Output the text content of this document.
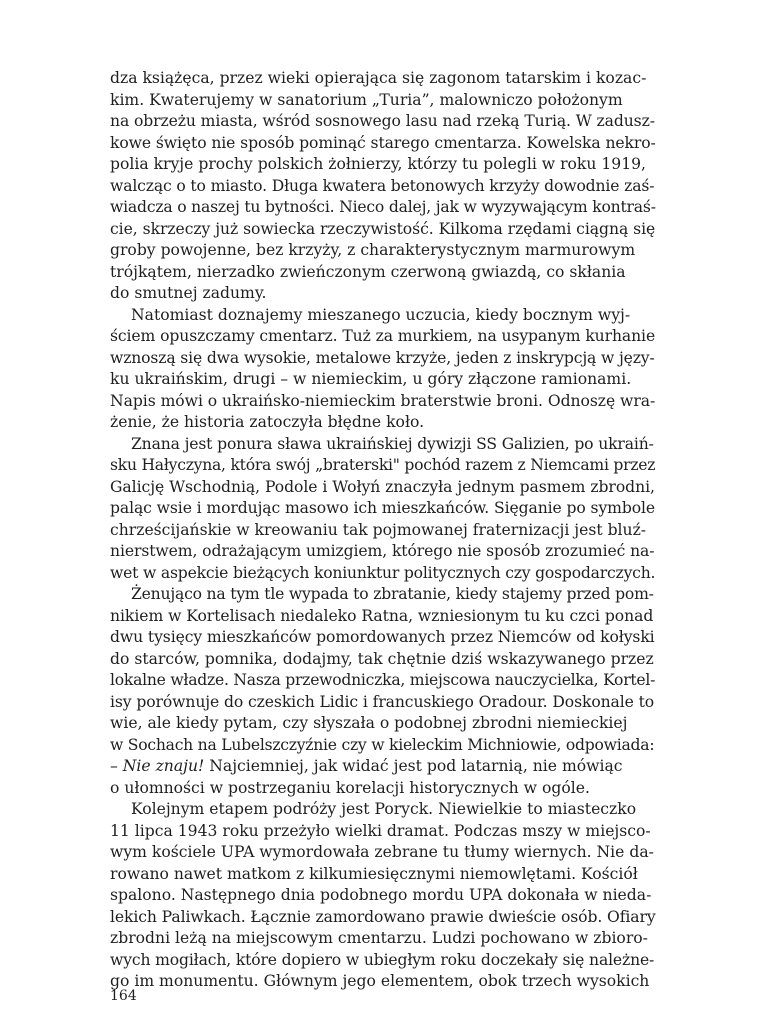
dza książęca, przez wieki opierająca się zagonom tatarskim i kozac-
kim. Kwaterujemy w sanatorium „Turia”, malowniczo położonym
na obrzeżu miasta, wśród sosnowego lasu nad rzeką Turią. W zadusz-
kowe święto nie sposób pominąć starego cmentarza. Kowelska nekro-
polia kryje prochy polskich żołnierzy, którzy tu polegli w roku 1919,
walcząc o to miasto. Długa kwatera betonowych krzyży dowodnie zaś-
wiadcza o naszej tu bytności. Nieco dalej, jak w wyzywającym kontraś-
cie, skrzeczy już sowiecka rzeczywistość. Kilkoma rzędami ciągną się
groby powojenne, bez krzyży, z charakterystycznym marmurowym
trójkątem, nierzadko zwieńczonym czerwoną gwiazdą, co skłania
do smutnej zadumy.
Natomiast doznajemy mieszanego uczucia, kiedy bocznym wyj-
ściem opuszczamy cmentarz. Tuż za murkiem, na usypanym kurhanie
wznoszą się dwa wysokie, metalowe krzyże, jeden z inskrypcją w języ-
ku ukraińskim, drugi – w niemieckim, u góry złączone ramionami.
Napis mówi o ukraińsko-niemieckim braterstwie broni. Odnoszę wra-
żenie, że historia zatoczyła błędne koło.
Znana jest ponura sława ukraińskiej dywizji SS Galizien, po ukraiń-
sku Hałyczyna, która swój „braterski" pochód razem z Niemcami przez
Galicję Wschodnią, Podole i Wołyń znaczyła jednym pasmem zbrodni,
paląc wsie i mordując masowo ich mieszkańców. Sięganie po symbole
chrześcijańskie w kreowaniu tak pojmowanej fraternizacji jest bluź-
nierstwem, odrażającym umizgiem, którego nie sposób zrozumieć na-
wet w aspekcie bieżących koniunktur politycznych czy gospodarczych.
Żenująco na tym tle wypada to zbratanie, kiedy stajemy przed pom-
nikiem w Kortelisach niedaleko Ratna, wzniesionym tu ku czci ponad
dwu tysięcy mieszkańców pomordowanych przez Niemców od kołyski
do starców, pomnika, dodajmy, tak chętnie dziś wskazywanego przez
lokalne władze. Nasza przewodniczka, miejscowa nauczycielka, Kortel-
isy porównuje do czeskich Lidic i francuskiego Oradour. Doskonale to
wie, ale kiedy pytam, czy słyszała o podobnej zbrodni niemieckiej
w Sochach na Lubelszczyźnie czy w kieleckim Michniowie, odpowiada:
– Nie znaju! Najciemniej, jak widać jest pod latarnią, nie mówiąc
o ułomności w postrzeganiu korelacji historycznych w ogóle.
Kolejnym etapem podróży jest Poryck. Niewielkie to miasteczko
11 lipca 1943 roku przeżyło wielki dramat. Podczas mszy w miejsco-
wym kościele UPA wymordowała zebrane tu tłumy wiernych. Nie da-
rowano nawet matkom z kilkumiesięcznymi niemowlętami. Kościół
spalono. Następnego dnia podobnego mordu UPA dokonała w nieda-
lekich Paliwkach. Łącznie zamordowano prawie dwieście osób. Ofiary
zbrodni leżą na miejscowym cmentarzu. Ludzi pochowano w zbioro-
wych mogiłach, które dopiero w ubiegłym roku doczekały się należne-
go im monumentu. Głównym jego elementem, obok trzech wysokich
164
